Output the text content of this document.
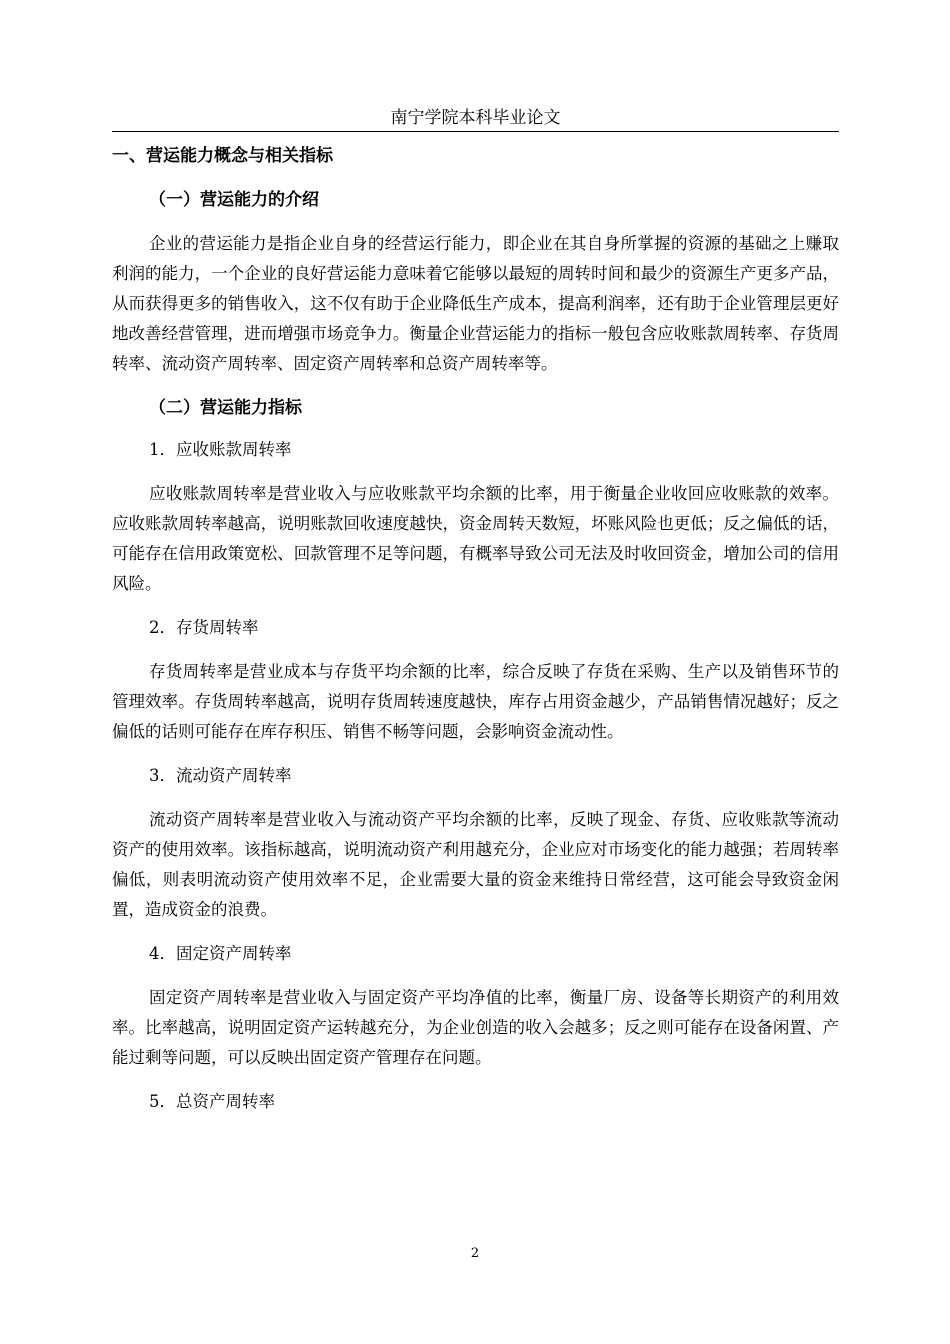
南宁学院本科毕业论文
一、营运能力概念与相关指标
（一）营运能力的介绍

企业的营运能力是指企业自身的经营运行能力，即企业在其自身所掌握的资源的基础之上赚取利润的能力，一个企业的良好营运能力意味着它能够以最短的周转时间和最少的资源生产更多产品，从而获得更多的销售收入，这不仅有助于企业降低生产成本，提高利润率，还有助于企业管理层更好地改善经营管理，进而增强市场竞争力。衡量企业营运能力的指标一般包含应收账款周转率、存货周转率、流动资产周转率、固定资产周转率和总资产周转率等。

（二）营运能力指标
1．应收账款周转率

应收账款周转率是营业收入与应收账款平均余额的比率，用于衡量企业收回应收账款的效率。应收账款周转率越高，说明账款回收速度越快，资金周转天数短，坏账风险也更低；反之偏低的话，可能存在信用政策宽松、回款管理不足等问题，有概率导致公司无法及时收回资金，增加公司的信用风险。

2．存货周转率

存货周转率是营业成本与存货平均余额的比率，综合反映了存货在采购、生产以及销售环节的管理效率。存货周转率越高，说明存货周转速度越快，库存占用资金越少，产品销售情况越好；反之偏低的话则可能存在库存积压、销售不畅等问题，会影响资金流动性。

3．流动资产周转率

流动资产周转率是营业收入与流动资产平均余额的比率，反映了现金、存货、应收账款等流动资产的使用效率。该指标越高，说明流动资产利用越充分，企业应对市场变化的能力越强；若周转率偏低，则表明流动资产使用效率不足，企业需要大量的资金来维持日常经营，这可能会导致资金闲置，造成资金的浪费。

4．固定资产周转率

固定资产周转率是营业收入与固定资产平均净值的比率，衡量厂房、设备等长期资产的利用效率。比率越高，说明固定资产运转越充分，为企业创造的收入会越多；反之则可能存在设备闲置、产能过剩等问题，可以反映出固定资产管理存在问题。

5．总资产周转率
2
